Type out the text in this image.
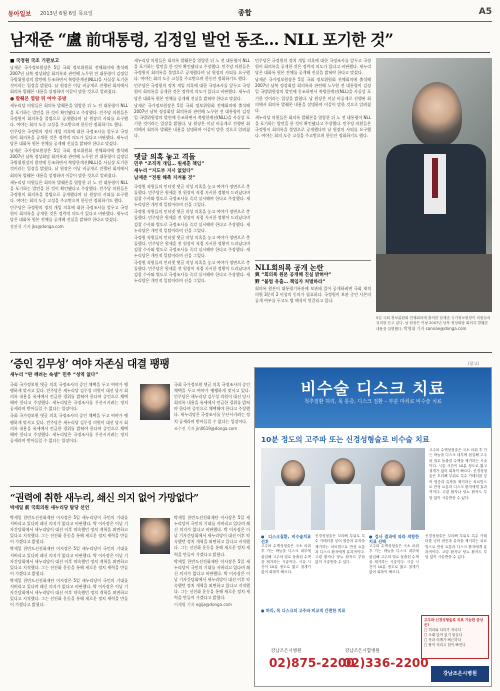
동아일보 2013년 6월 6일 목요일	종합	A5
남재준 “盧 前대통령, 김정일 발언 동조… NLL 포기한 것”
■ 국정원 국조 기관보고

남재준 국가정보원장은 5일 국회 정보위원회 전체회의에 출석해 2007년 남북 정상회담 회의록과 관련해 노무현 전 대통령이 김정일 국방위원장의 발언에 동조하면서 북방한계선(NLL)을 사실상 포기한 것이라는 입장을 밝혔다. 남 원장은 이날 비공개로 진행된 회의에서 회의록 발췌본 내용을 설명하며 이같이 말한 것으로 알려졌다.

● 발췌본 열람 뒤 여야 공방

새누리당 의원들은 회의록 발췌본을 열람한 뒤 노 전 대통령이 NLL을 포기하는 발언을 한 것이 확인됐다고 주장했다. 민주당 의원들은 국정원이 회의록을 불법으로 공개했다며 남 원장의 사퇴를 요구했다. 여야는 회의 도중 고성을 주고받으며 한동안 정회하기도 했다.

민주당은 국정원의 정치 개입 의혹에 대한 국정조사를 앞두고 국정원이 회의록을 공개한 것은 정략적 의도가 있다고 비판했다. 새누리당은 대화록 원본 전체를 공개해 진실을 밝혀야 한다고 맞섰다.

남재준 국가정보원장은 5일 국회 정보위원회 전체회의에 출석해 2007년 남북 정상회담 회의록과 관련해 노무현 전 대통령이 김정일 국방위원장의 발언에 동조하면서 북방한계선(NLL)을 사실상 포기한 것이라는 입장을 밝혔다. 남 원장은 이날 비공개로 진행된 회의에서 회의록 발췌본 내용을 설명하며 이같이 말한 것으로 알려졌다.

새누리당 의원들은 회의록 발췌본을 열람한 뒤 노 전 대통령이 NLL을 포기하는 발언을 한 것이 확인됐다고 주장했다. 민주당 의원들은 국정원이 회의록을 불법으로 공개했다며 남 원장의 사퇴를 요구했다. 여야는 회의 도중 고성을 주고받으며 한동안 정회하기도 했다.

민주당은 국정원의 정치 개입 의혹에 대한 국정조사를 앞두고 국정원이 회의록을 공개한 것은 정략적 의도가 있다고 비판했다. 새누리당은 대화록 원본 전체를 공개해 진실을 밝혀야 한다고 맞섰다.

장관석 기자 jks@donga.com

새누리당 의원들은 회의록 발췌본을 열람한 뒤 노 전 대통령이 NLL을 포기하는 발언을 한 것이 확인됐다고 주장했다. 민주당 의원들은 국정원이 회의록을 불법으로 공개했다며 남 원장의 사퇴를 요구했다. 여야는 회의 도중 고성을 주고받으며 한동안 정회하기도 했다.

민주당은 국정원의 정치 개입 의혹에 대한 국정조사를 앞두고 국정원이 회의록을 공개한 것은 정략적 의도가 있다고 비판했다. 새누리당은 대화록 원본 전체를 공개해 진실을 밝혀야 한다고 맞섰다.

남재준 국가정보원장은 5일 국회 정보위원회 전체회의에 출석해 2007년 남북 정상회담 회의록과 관련해 노무현 전 대통령이 김정일 국방위원장의 발언에 동조하면서 북방한계선(NLL)을 사실상 포기한 것이라는 입장을 밝혔다. 남 원장은 이날 비공개로 진행된 회의에서 회의록 발췌본 내용을 설명하며 이같이 말한 것으로 알려졌다.

댓글 의혹 놓고 격돌
민주 “조직적 개입… 원세훈 책임”
새누리 “지도부 지시 없었다”
남재준 “전원 해촉 지켜볼 것”

국정원 직원들의 인터넷 댓글 작성 의혹을 놓고 여야가 정면으로 충돌했다. 민주당은 원세훈 전 원장이 직접 지시한 정황이 드러났다며 검찰 수사와 별도로 국정조사를 즉각 실시해야 한다고 주장했다. 새누리당은 개인적 일탈이라며 선을 그었다.

국정원 직원들의 인터넷 댓글 작성 의혹을 놓고 여야가 정면으로 충돌했다. 민주당은 원세훈 전 원장이 직접 지시한 정황이 드러났다며 검찰 수사와 별도로 국정조사를 즉각 실시해야 한다고 주장했다. 새누리당은 개인적 일탈이라며 선을 그었다.

국정원 직원들의 인터넷 댓글 작성 의혹을 놓고 여야가 정면으로 충돌했다. 민주당은 원세훈 전 원장이 직접 지시한 정황이 드러났다며 검찰 수사와 별도로 국정조사를 즉각 실시해야 한다고 주장했다. 새누리당은 개인적 일탈이라며 선을 그었다.

국정원 직원들의 인터넷 댓글 작성 의혹을 놓고 여야가 정면으로 충돌했다. 민주당은 원세훈 전 원장이 직접 지시한 정황이 드러났다며 검찰 수사와 별도로 국정조사를 즉각 실시해야 한다고 주장했다. 새누리당은 개인적 일탈이라며 선을 그었다.

민주당은 국정원의 정치 개입 의혹에 대한 국정조사를 앞두고 국정원이 회의록을 공개한 것은 정략적 의도가 있다고 비판했다. 새누리당은 대화록 원본 전체를 공개해 진실을 밝혀야 한다고 맞섰다.

남재준 국가정보원장은 5일 국회 정보위원회 전체회의에 출석해 2007년 남북 정상회담 회의록과 관련해 노무현 전 대통령이 김정일 국방위원장의 발언에 동조하면서 북방한계선(NLL)을 사실상 포기한 것이라는 입장을 밝혔다. 남 원장은 이날 비공개로 진행된 회의에서 회의록 발췌본 내용을 설명하며 이같이 말한 것으로 알려졌다.

새누리당 의원들은 회의록 발췌본을 열람한 뒤 노 전 대통령이 NLL을 포기하는 발언을 한 것이 확인됐다고 주장했다. 민주당 의원들은 국정원이 회의록을 불법으로 공개했다며 남 원장의 사퇴를 요구했다. 여야는 회의 도중 고성을 주고받으며 한동안 정회하기도 했다.

NLL회의록 공개 논란
與 “회의록 원본 공개해 진실 밝혀야”
野 “불법 유출… 책임자 처벌하라”

회의록 원본이 대통령기록관에 보관돼 있어 공개하려면 국회 재적의원 3분의 2 이상의 동의가 필요하다. 국정원이 보관 중인 사본의 공개 여부를 두고도 법 해석이 엇갈리고 있다.

5일 국회 정보위원회 전체회의에 출석한 남재준 국가정보원장이 의원들의 질의를 듣고 있다. 남 원장은 이날 2007년 남북 정상회담 회의록 발췌본 내용을 설명했다. 박영대 기자 sannae@donga.com
‘증인 김무성’ 여야 자존심 대결 팽팽
새누리 “판 깨려는 속셈” 민주 “성역 없다”

국회 국가정보원 댓글 의혹 국정조사의 증인 채택을 두고 여야가 팽팽하게 맞서고 있다. 민주당은 새누리당 김무성 의원이 대선 당시 회의록 내용을 유세에서 언급한 경위를 밝혀야 한다며 증인으로 채택해야 한다고 주장했다. 새누리당은 국정조사를 무산시키려는 정치 공세라며 받아들일 수 없다는 입장이다.

국회 국가정보원 댓글 의혹 국정조사의 증인 채택을 두고 여야가 팽팽하게 맞서고 있다. 민주당은 새누리당 김무성 의원이 대선 당시 회의록 내용을 유세에서 언급한 경위를 밝혀야 한다며 증인으로 채택해야 한다고 주장했다. 새누리당은 국정조사를 무산시키려는 정치 공세라며 받아들일 수 없다는 입장이다.

국회 국가정보원 댓글 의혹 국정조사의 증인 채택을 두고 여야가 팽팽하게 맞서고 있다. 민주당은 새누리당 김무성 의원이 대선 당시 회의록 내용을 유세에서 언급한 경위를 밝혀야 한다며 증인으로 채택해야 한다고 주장했다. 새누리당은 국정조사를 무산시키려는 정치 공세라며 받아들일 수 없다는 입장이다.

조수진 기자 jin0619@donga.com

“권력에 취한 새누리, 쇄신 의지 없어 가망없다”
박세일 前 국회의원 새누리당 탈당 선언

박세일 한반도선진화재단 이사장은 5일 새누리당이 국민의 기대를 저버리고 있다며 쇄신 의지가 없다고 비판했다. 박 이사장은 이날 기자간담회에서 새누리당이 대선 이후 약속했던 정치 개혁을 외면하고 있다고 지적했다. 그는 선진화 운동을 통해 새로운 정치 세력을 만들어 가겠다고 밝혔다.

박세일 한반도선진화재단 이사장은 5일 새누리당이 국민의 기대를 저버리고 있다며 쇄신 의지가 없다고 비판했다. 박 이사장은 이날 기자간담회에서 새누리당이 대선 이후 약속했던 정치 개혁을 외면하고 있다고 지적했다. 그는 선진화 운동을 통해 새로운 정치 세력을 만들어 가겠다고 밝혔다.

박세일 한반도선진화재단 이사장은 5일 새누리당이 국민의 기대를 저버리고 있다며 쇄신 의지가 없다고 비판했다. 박 이사장은 이날 기자간담회에서 새누리당이 대선 이후 약속했던 정치 개혁을 외면하고 있다고 지적했다. 그는 선진화 운동을 통해 새로운 정치 세력을 만들어 가겠다고 밝혔다.

박세일 한반도선진화재단 이사장은 5일 새누리당이 국민의 기대를 저버리고 있다며 쇄신 의지가 없다고 비판했다. 박 이사장은 이날 기자간담회에서 새누리당이 대선 이후 약속했던 정치 개혁을 외면하고 있다고 지적했다. 그는 선진화 운동을 통해 새로운 정치 세력을 만들어 가겠다고 밝혔다.

박세일 한반도선진화재단 이사장은 5일 새누리당이 국민의 기대를 저버리고 있다며 쇄신 의지가 없다고 비판했다. 박 이사장은 이날 기자간담회에서 새누리당이 대선 이후 약속했던 정치 개혁을 외면하고 있다고 지적했다. 그는 선진화 운동을 통해 새로운 정치 세력을 만들어 가겠다고 밝혔다.

이재명 기자 egija@donga.com

비수술 디스크 치료
척추질환 허리, 목 통증, 디스크 질환 – 부분 마취로 비수술 치료
10분 정도의 고주파 또는 신경성형술로 비수술 치료
고주파 수핵성형술은 국소 마취 후 가는 바늘을 디스크 내부에 삽입해 고주파 열로 돌출된 수핵을 제거하는 시술이다. 시술 시간이 10분 정도로 짧고 절개가 없어 회복이 빠르다. 신경성형술은 꼬리뼈 부위로 특수 카테터를 넣어 염증과 유착을 제거하는 치료법으로 만성 요통과 디스크 환자에게 효과적이다. 고령 환자나 당뇨 환자도 부담 없이 시술받을 수 있다.
● 디스크질환, 비수술치료 선호
고주파 수핵성형술은 국소 마취 후 가는 바늘을 디스크 내부에 삽입해 고주파 열로 돌출된 수핵을 제거하는 시술이다. 시술 시간이 10분 정도로 짧고 절개가 없어 회복이 빠르다.
신경성형술은 꼬리뼈 부위로 특수 카테터를 넣어 염증과 유착을 제거하는 치료법으로 만성 요통과 디스크 환자에게 효과적이다. 고령 환자나 당뇨 환자도 부담 없이 시술받을 수 있다.
● 검사 결과에 따라 적합한 치료 선택
고주파 수핵성형술은 국소 마취 후 가는 바늘을 디스크 내부에 삽입해 고주파 열로 돌출된 수핵을 제거하는 시술이다. 시술 시간이 10분 정도로 짧고 절개가 없어 회복이 빠르다.
신경성형술은 꼬리뼈 부위로 특수 카테터를 넣어 염증과 유착을 제거하는 치료법으로 만성 요통과 디스크 환자에게 효과적이다. 고령 환자나 당뇨 환자도 부담 없이 시술받을 수 있다.
● 허리, 목 디스크의 고주파 비교적 간편한 치료
고주파·신경성형술로 치료 가능한 증상은?
□ 허리와 다리가 저리다
□ 오래 앉아 있기 힘들다
□ 목과 어깨가 뻐근하다
□ 팔이 저리고 힘이 빠진다
강남조은시병원
02)875-2200
강남조은시합병원
02)336-2200
강남조은시병원
(광고)
